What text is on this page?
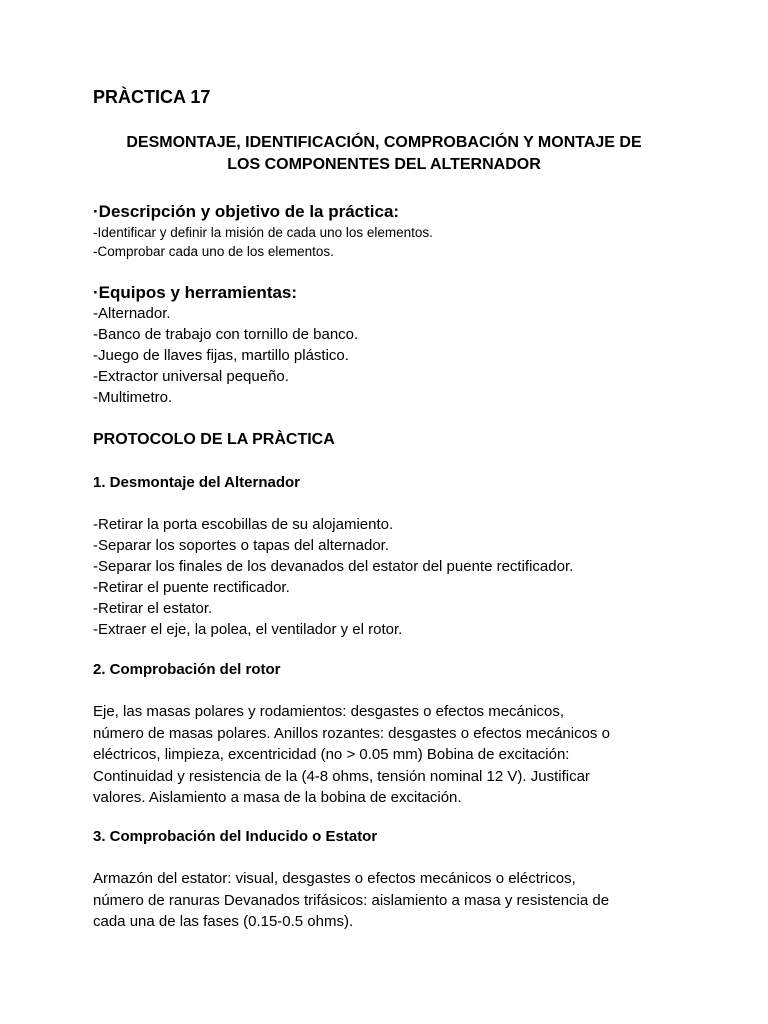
PRÀCTICA 17
DESMONTAJE, IDENTIFICACIÓN, COMPROBACIÓN Y MONTAJE DE
LOS COMPONENTES DEL ALTERNADOR
·Descripción y objetivo de la práctica:
-Identificar y definir la misión de cada uno los elementos.
-Comprobar cada uno de los elementos.
·Equipos y herramientas:
-Alternador.
-Banco de trabajo con tornillo de banco.
-Juego de llaves fijas, martillo plástico.
-Extractor universal pequeño.
-Multimetro.
PROTOCOLO DE LA PRÀCTICA
1. Desmontaje del Alternador
-Retirar la porta escobillas de su alojamiento.
-Separar los soportes o tapas del alternador.
-Separar los finales de los devanados del estator del puente rectificador.
-Retirar el puente rectificador.
-Retirar el estator.
-Extraer el eje, la polea, el ventilador y el rotor.
2. Comprobación del rotor
Eje, las masas polares y rodamientos: desgastes o efectos mecánicos,
número de masas polares. Anillos rozantes: desgastes o efectos mecánicos o
eléctricos, limpieza, excentricidad (no > 0.05 mm) Bobina de excitación:
Continuidad y resistencia de la (4-8 ohms, tensión nominal 12 V). Justificar
valores. Aislamiento a masa de la bobina de excitación.
3. Comprobación del Inducido o Estator
Armazón del estator: visual, desgastes o efectos mecánicos o eléctricos,
número de ranuras Devanados trifásicos: aislamiento a masa y resistencia de
cada una de las fases (0.15-0.5 ohms).
